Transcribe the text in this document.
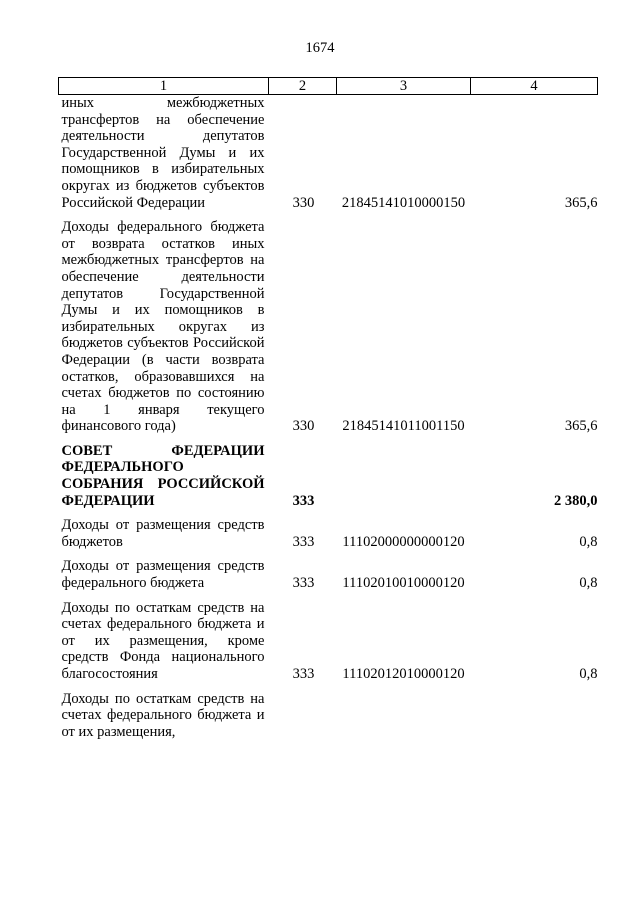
1674
1	2	3	4
иных межбюджетных трансфертов на обеспечение деятельности депутатов Государственной Думы и их помощников в избирательных округах из бюджетов субъектов Российской Федерации	330	21845141010000150	365,6
Доходы федерального бюджета от возврата остатков иных межбюджетных трансфертов на обеспечение деятельности депутатов Государственной Думы и их помощников в избирательных округах из бюджетов субъектов Российской Федерации (в части возврата остатков, образовавшихся на счетах бюджетов по состоянию на 1 января текущего финансового года)	330	21845141011001150	365,6
СОВЕТ ФЕДЕРАЦИИ ФЕДЕРАЛЬНОГО СОБРАНИЯ РОССИЙСКОЙ ФЕДЕРАЦИИ	333		2 380,0
Доходы от размещения средств бюджетов	333	11102000000000120	0,8
Доходы от размещения средств федерального бюджета	333	11102010010000120	0,8
Доходы по остаткам средств на счетах федерального бюджета и от их размещения, кроме средств Фонда национального благосостояния	333	11102012010000120	0,8
Доходы по остаткам средств на счетах федерального бюджета и от их размещения,			
